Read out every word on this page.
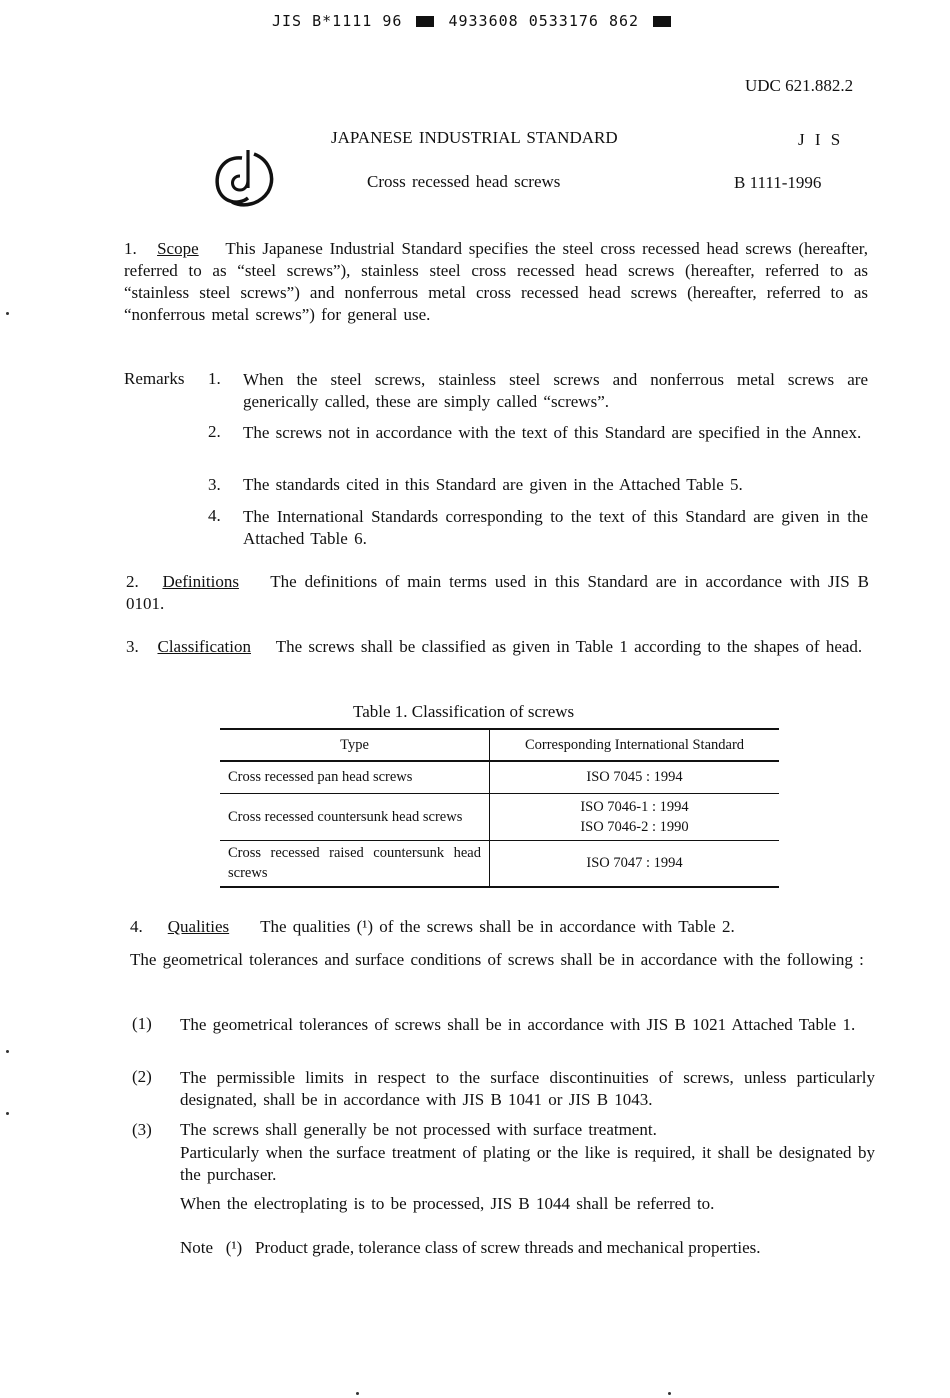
JIS B*1111 96	4933608 0533176 862
UDC 621.882.2
JAPANESE INDUSTRIAL STANDARD	J I S
Cross recessed head screws	B 1111-1996
1. Scope This Japanese Industrial Standard specifies the steel cross recessed head screws (hereafter, referred to as “steel screws”), stainless steel cross recessed head screws (hereafter, referred to as “stainless steel screws”) and nonferrous metal cross recessed head screws (hereafter, referred to as “nonferrous metal screws”) for general use.
Remarks 1. When the steel screws, stainless steel screws and nonferrous metal screws are generically called, these are simply called “screws”.
2. The screws not in accordance with the text of this Standard are specified in the Annex.
3. The standards cited in this Standard are given in the Attached Table 5.
4. The International Standards corresponding to the text of this Standard are given in the Attached Table 6.
2. Definitions The definitions of main terms used in this Standard are in accordance with JIS B 0101.
3. Classification The screws shall be classified as given in Table 1 according to the shapes of head.
Table 1. Classification of screws
Type	Corresponding International Standard
Cross recessed pan head screws	ISO 7045 : 1994
Cross recessed countersunk head screws	ISO 7046-1 : 1994
ISO 7046-2 : 1990

Cross recessed raised countersunk head screws	ISO 7047 : 1994
4. Qualities The qualities (¹) of the screws shall be in accordance with Table 2.
The geometrical tolerances and surface conditions of screws shall be in accordance with the following :
(1) The geometrical tolerances of screws shall be in accordance with JIS B 1021 Attached Table 1.
(2) The permissible limits in respect to the surface discontinuities of screws, unless particularly designated, shall be in accordance with JIS B 1041 or JIS B 1043.
(3) The screws shall generally be not processed with surface treatment.
Particularly when the surface treatment of plating or the like is required, it shall be designated by the purchaser.
When the electroplating is to be processed, JIS B 1044 shall be referred to.
Note (¹) Product grade, tolerance class of screw threads and mechanical properties.
